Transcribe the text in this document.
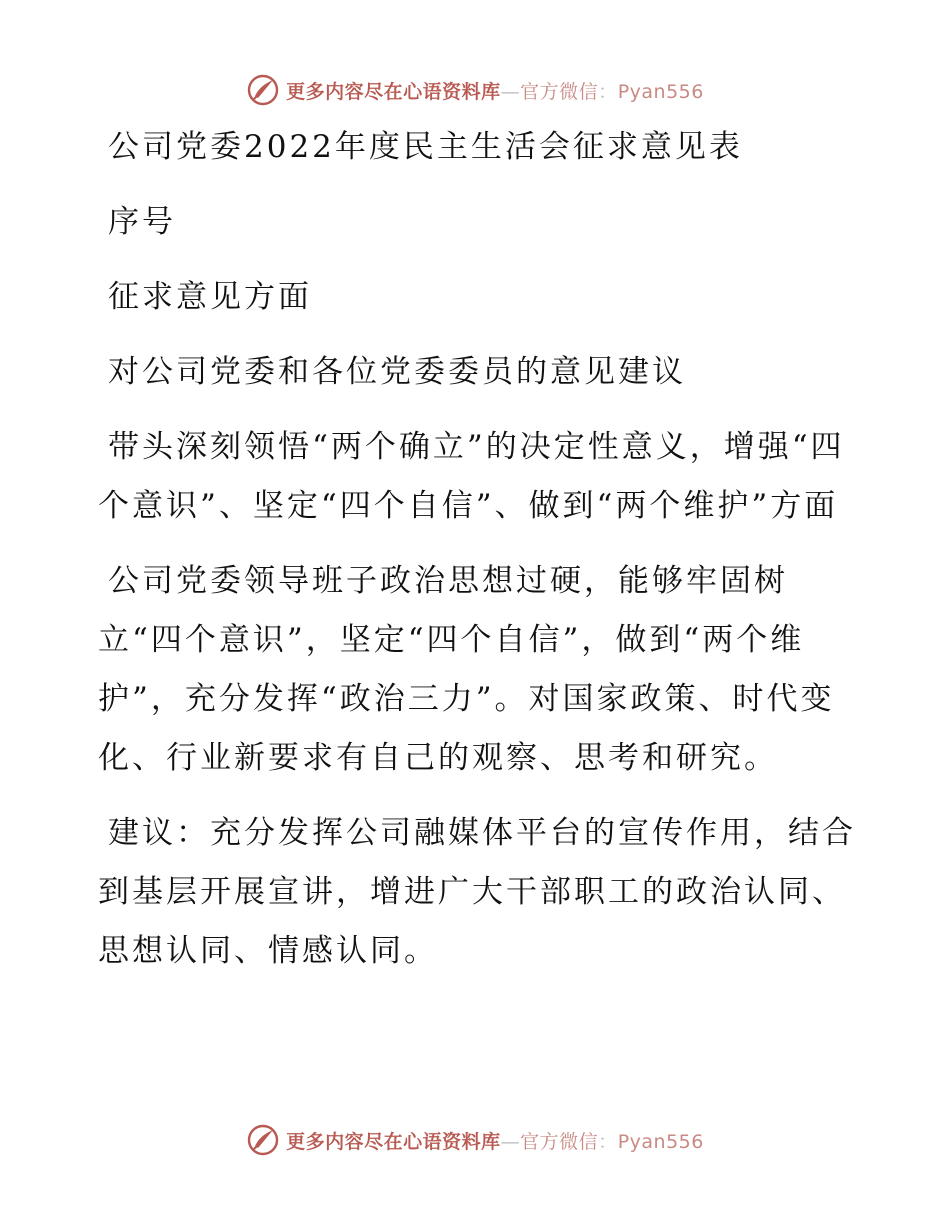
更多内容尽在心语资料库—官方微信：Pyan556

公司党委2022年度民主生活会征求意见表

序号

征求意见方面

对公司党委和各位党委委员的意见建议

带头深刻领悟“两个确立”的决定性意义，增强“四个意识”、坚定“四个自信”、做到“两个维护”方面

公司党委领导班子政治思想过硬，能够牢固树立“四个意识”，坚定“四个自信”，做到“两个维护”，充分发挥“政治三力”。对国家政策、时代变化、行业新要求有自己的观察、思考和研究。

建议：充分发挥公司融媒体平台的宣传作用，结合到基层开展宣讲，增进广大干部职工的政治认同、思想认同、情感认同。

更多内容尽在心语资料库—官方微信：Pyan556
